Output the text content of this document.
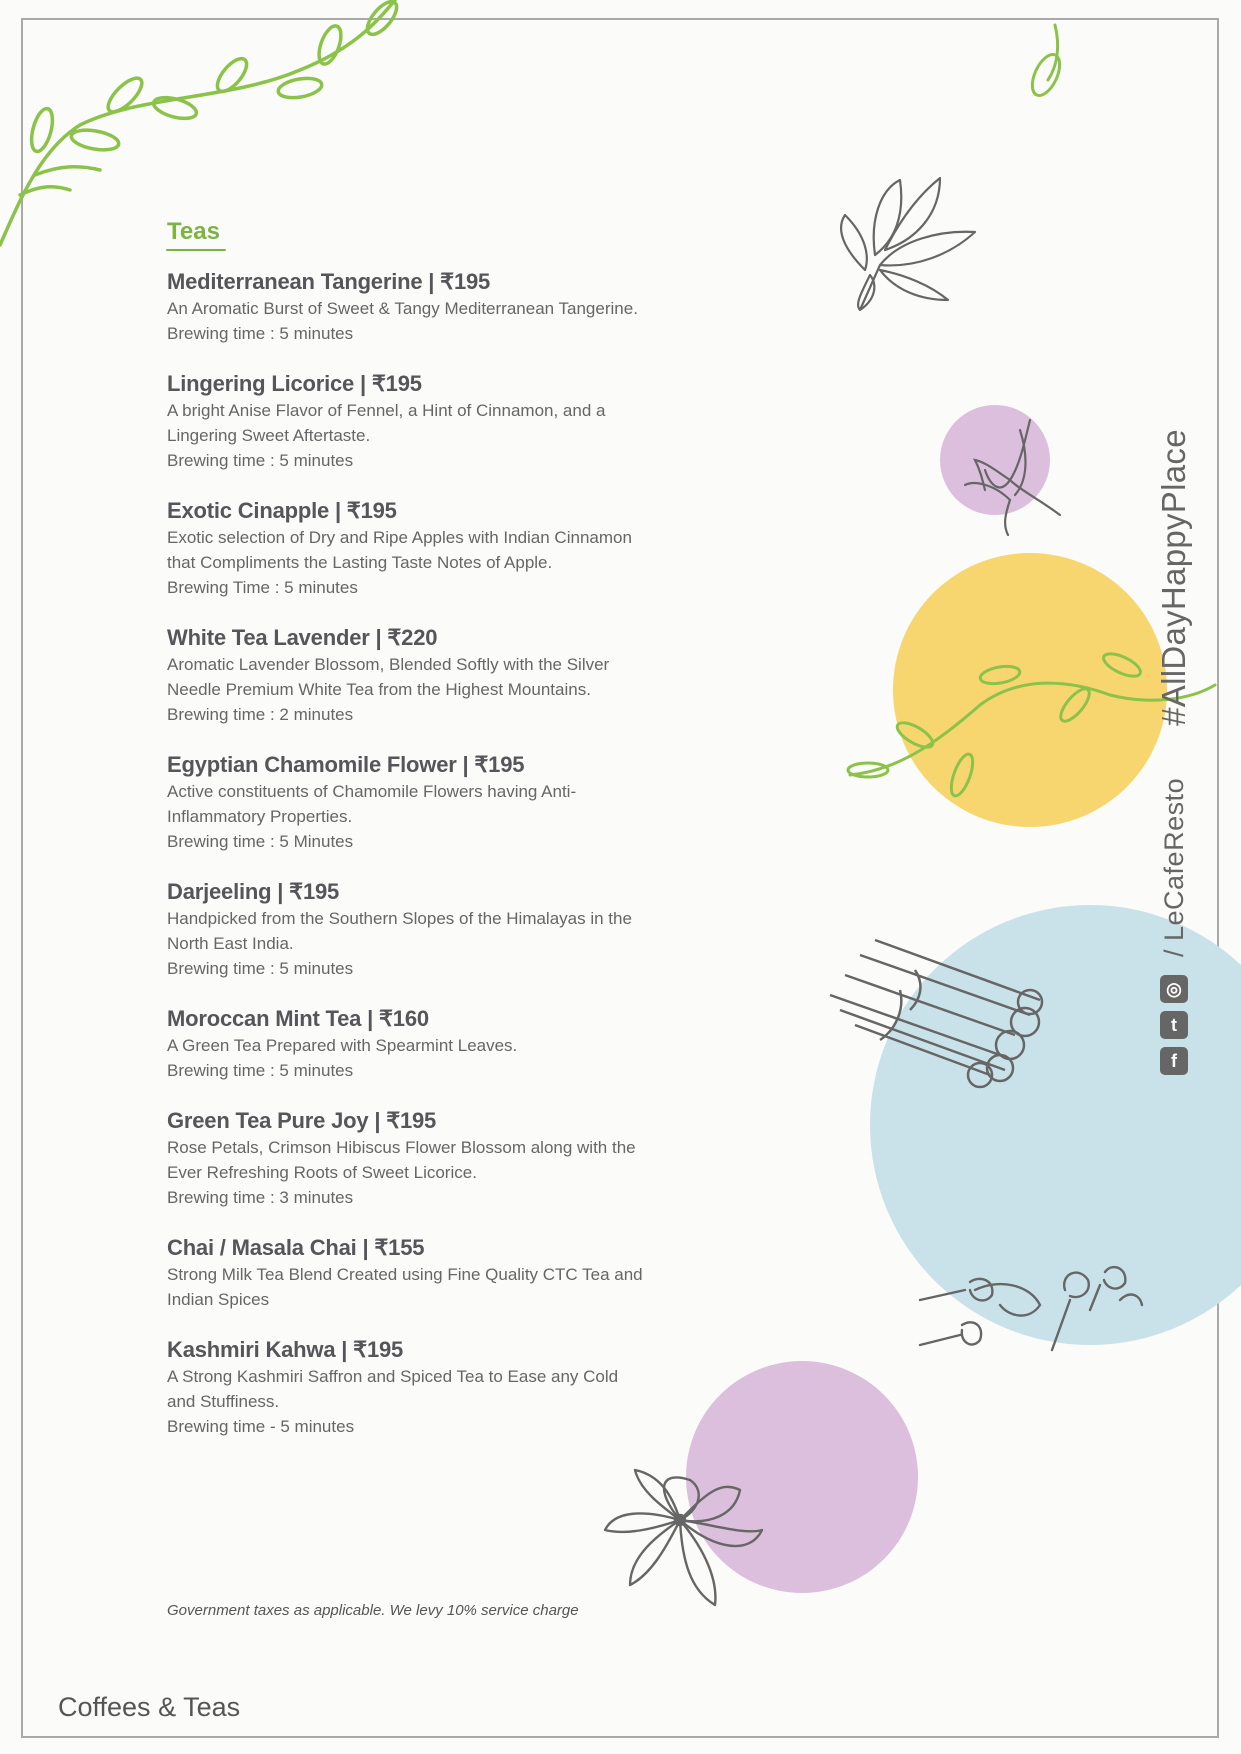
Teas
Mediterranean Tangerine | ₹195
An Aromatic Burst of Sweet & Tangy Mediterranean Tangerine.
Brewing time : 5 minutes
Lingering Licorice | ₹195
A bright Anise Flavor of Fennel, a Hint of Cinnamon, and a Lingering Sweet Aftertaste.
Brewing time : 5 minutes
Exotic Cinapple | ₹195
Exotic selection of Dry and Ripe Apples with Indian Cinnamon that Compliments the Lasting Taste Notes of Apple.
Brewing Time : 5 minutes
White Tea Lavender | ₹220
Aromatic Lavender Blossom, Blended Softly with the Silver Needle Premium White Tea from the Highest Mountains.
Brewing time : 2 minutes
Egyptian Chamomile Flower | ₹195
Active constituents of Chamomile Flowers having Anti-Inflammatory Properties.
Brewing time : 5 Minutes
Darjeeling | ₹195
Handpicked from the Southern Slopes of the Himalayas in the North East India.
Brewing time : 5 minutes
Moroccan Mint Tea | ₹160
A Green Tea Prepared with Spearmint Leaves.
Brewing time : 5 minutes
Green Tea Pure Joy | ₹195
Rose Petals, Crimson Hibiscus Flower Blossom along with the Ever Refreshing Roots of Sweet Licorice.
Brewing time : 3 minutes
Chai / Masala Chai | ₹155
Strong Milk Tea Blend Created using Fine Quality CTC Tea and Indian Spices
Kashmiri Kahwa | ₹195
A Strong Kashmiri Saffron and Spiced Tea to Ease any Cold and Stuffiness.
Brewing time - 5 minutes
Government taxes as applicable. We levy 10% service charge
Coffees & Teas
f
t
◎
/ LeCafeResto
#AllDayHappyPlace
